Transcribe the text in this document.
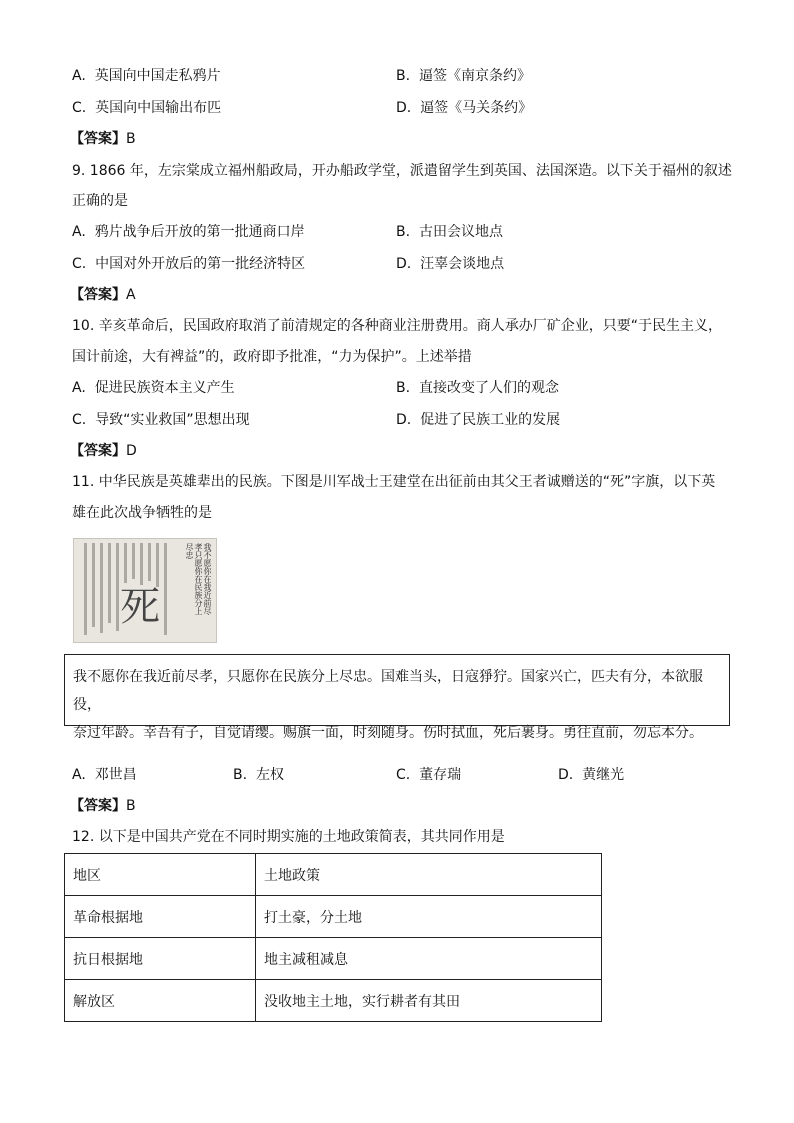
A. 英国向中国走私鸦片	B. 逼签《南京条约》
C. 英国向中国输出布匹	D. 逼签《马关条约》
【答案】B
9. 1866 年，左宗棠成立福州船政局，开办船政学堂，派遣留学生到英国、法国深造。以下关于福州的叙述
正确的是
A. 鸦片战争后开放的第一批通商口岸	B. 古田会议地点
C. 中国对外开放后的第一批经济特区	D. 汪辜会谈地点
【答案】A
10. 辛亥革命后，民国政府取消了前清规定的各种商业注册费用。商人承办厂矿企业，只要“于民生主义，
国计前途，大有裨益”的，政府即予批准，“力为保护”。上述举措
A. 促进民族资本主义产生	B. 直接改变了人们的观念
C. 导致“实业救国”思想出现	D. 促进了民族工业的发展
【答案】D
11. 中华民族是英雄辈出的民族。下图是川军战士王建堂在出征前由其父王者诚赠送的“死”字旗，以下英
雄在此次战争牺牲的是
死	我不愿你在我近前尽孝只愿你在民族分上尽忠

我不愿你在我近前尽孝，只愿你在民族分上尽忠。国难当头，日寇猙狞。国家兴亡，匹夫有分，本欲服役，

奈过年龄。幸吾有子，自觉请缨。赐旗一面，时刻随身。伤时拭血，死后裹身。勇往直前，勿忘本分。

A. 邓世昌	B. 左权	C. 董存瑞	D. 黄继光
【答案】B
12. 以下是中国共产党在不同时期实施的土地政策简表，其共同作用是
地区	土地政策
革命根据地	打土豪，分土地
抗日根据地	地主减租减息
解放区	没收地主土地，实行耕者有其田
